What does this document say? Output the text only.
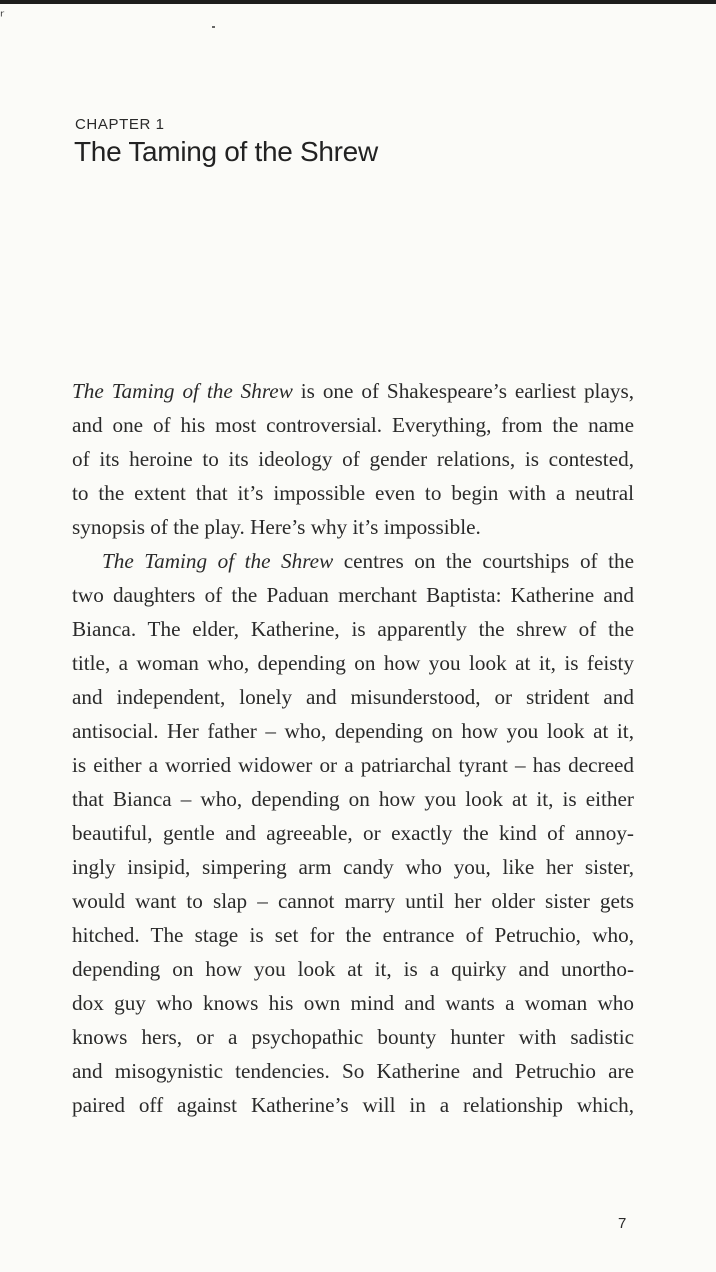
ʳ
CHAPTER 1
The Taming of the Shrew
The Taming of the Shrew is one of Shakespeare’s earliest plays,
and one of his most controversial. Everything, from the name
of its heroine to its ideology of gender relations, is contested,
to the extent that it’s impossible even to begin with a neutral
synopsis of the play. Here’s why it’s impossible.
The Taming of the Shrew centres on the courtships of the
two daughters of the Paduan merchant Baptista: Katherine and
Bianca. The elder, Katherine, is apparently the shrew of the
title, a woman who, depending on how you look at it, is feisty
and independent, lonely and misunderstood, or strident and
antisocial. Her father – who, depending on how you look at it,
is either a worried widower or a patriarchal tyrant – has decreed
that Bianca – who, depending on how you look at it, is either
beautiful, gentle and agreeable, or exactly the kind of annoy-
ingly insipid, simpering arm candy who you, like her sister,
would want to slap – cannot marry until her older sister gets
hitched. The stage is set for the entrance of Petruchio, who,
depending on how you look at it, is a quirky and unortho-
dox guy who knows his own mind and wants a woman who
knows hers, or a psychopathic bounty hunter with sadistic
and misogynistic tendencies. So Katherine and Petruchio are
paired off against Katherine’s will in a relationship which,
7
